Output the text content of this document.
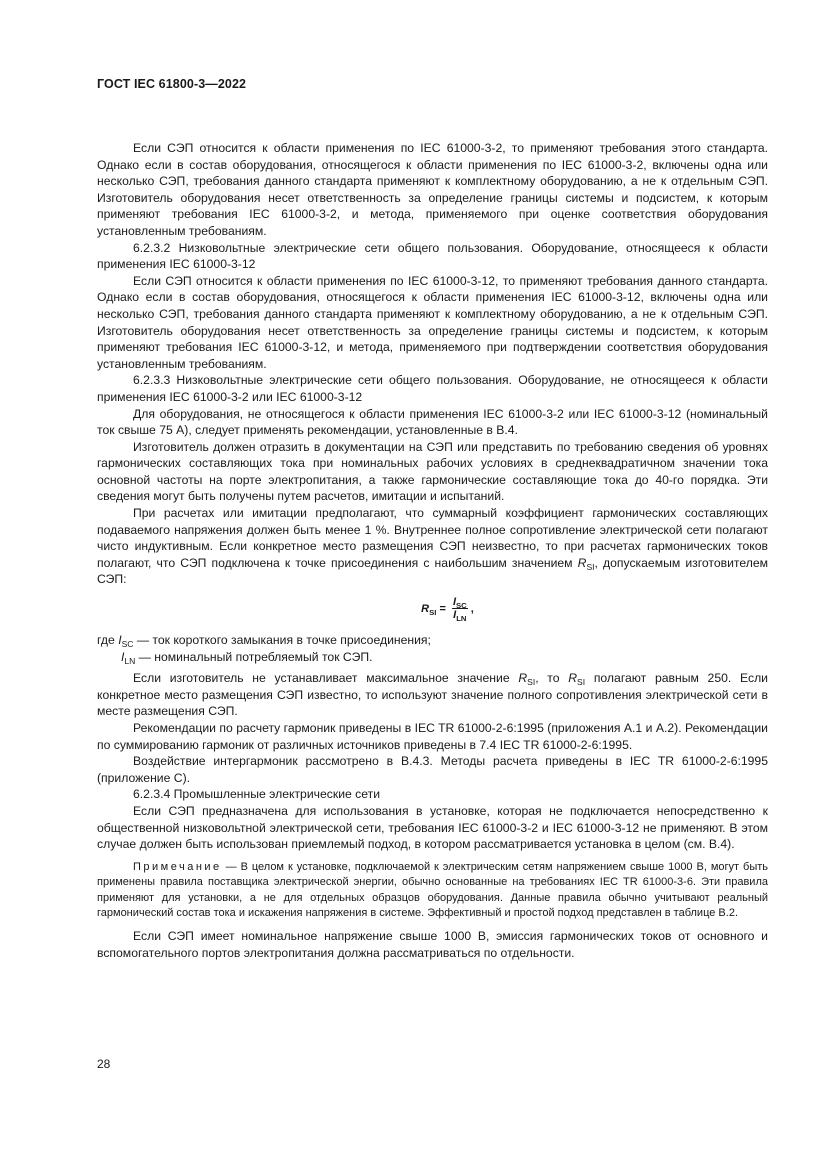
ГОСТ IEC 61800-3—2022

Если СЭП относится к области применения по IEC 61000-3-2, то применяют требования этого стандарта. Однако если в состав оборудования, относящегося к области применения по IEC 61000-3-2, включены одна или несколько СЭП, требования данного стандарта применяют к комплектному оборудованию, а не к отдельным СЭП. Изготовитель оборудования несет ответственность за определение границы системы и подсистем, к которым применяют требования IEC 61000-3-2, и метода, применяемого при оценке соответствия оборудования установленным требованиям.

6.2.3.2 Низковольтные электрические сети общего пользования. Оборудование, относящееся к области применения IEC 61000-3-12

Если СЭП относится к области применения по IEC 61000-3-12, то применяют требования данного стандарта. Однако если в состав оборудования, относящегося к области применения IEC 61000-3-12, включены одна или несколько СЭП, требования данного стандарта применяют к комплектному оборудованию, а не к отдельным СЭП. Изготовитель оборудования несет ответственность за определение границы системы и подсистем, к которым применяют требования IEC 61000-3-12, и метода, применяемого при подтверждении соответствия оборудования установленным требованиям.

6.2.3.3 Низковольтные электрические сети общего пользования. Оборудование, не относящееся к области применения IEC 61000-3-2 или IEC 61000-3-12

Для оборудования, не относящегося к области применения IEC 61000-3-2 или IEC 61000-3-12 (номинальный ток свыше 75 А), следует применять рекомендации, установленные в В.4.

Изготовитель должен отразить в документации на СЭП или представить по требованию сведения об уровнях гармонических составляющих тока при номинальных рабочих условиях в среднеквадратичном значении тока основной частоты на порте электропитания, а также гармонические составляющие тока до 40-го порядка. Эти сведения могут быть получены путем расчетов, имитации и испытаний.

При расчетах или имитации предполагают, что суммарный коэффициент гармонических составляющих подаваемого напряжения должен быть менее 1 %. Внутреннее полное сопротивление электрической сети полагают чисто индуктивным. Если конкретное место размещения СЭП неизвестно, то при расчетах гармонических токов полагают, что СЭП подключена к точке присоединения с наибольшим значением $R_{SI}$, допускаемым изготовителем СЭП:

$R_{SI} = \frac{I_{SC}}{I_{LN}}$ ,

где $I_{SC}$ — ток короткого замыкания в точке присоединения;

$I_{LN}$ — номинальный потребляемый ток СЭП.

Если изготовитель не устанавливает максимальное значение $R_{SI}$, то $R_{SI}$ полагают равным 250. Если конкретное место размещения СЭП известно, то используют значение полного сопротивления электрической сети в месте размещения СЭП.

Рекомендации по расчету гармоник приведены в IEC TR 61000-2-6:1995 (приложения А.1 и А.2). Рекомендации по суммированию гармоник от различных источников приведены в 7.4 IEC TR 61000-2-6:1995.

Воздействие интергармоник рассмотрено в В.4.3. Методы расчета приведены в IEC TR 61000-2-6:1995 (приложение С).

6.2.3.4 Промышленные электрические сети

Если СЭП предназначена для использования в установке, которая не подключается непосредственно к общественной низковольтной электрической сети, требования IEC 61000-3-2 и IEC 61000-3-12 не применяют. В этом случае должен быть использован приемлемый подход, в котором рассматривается установка в целом (см. В.4).

Примечание — В целом к установке, подключаемой к электрическим сетям напряжением свыше 1000 В, могут быть применены правила поставщика электрической энергии, обычно основанные на требованиях IEC TR 61000-3-6. Эти правила применяют для установки, а не для отдельных образцов оборудования. Данные правила обычно учитывают реальный гармонический состав тока и искажения напряжения в системе. Эффективный и простой подход представлен в таблице В.2.

Если СЭП имеет номинальное напряжение свыше 1000 В, эмиссия гармонических токов от основного и вспомогательного портов электропитания должна рассматриваться по отдельности.

28
